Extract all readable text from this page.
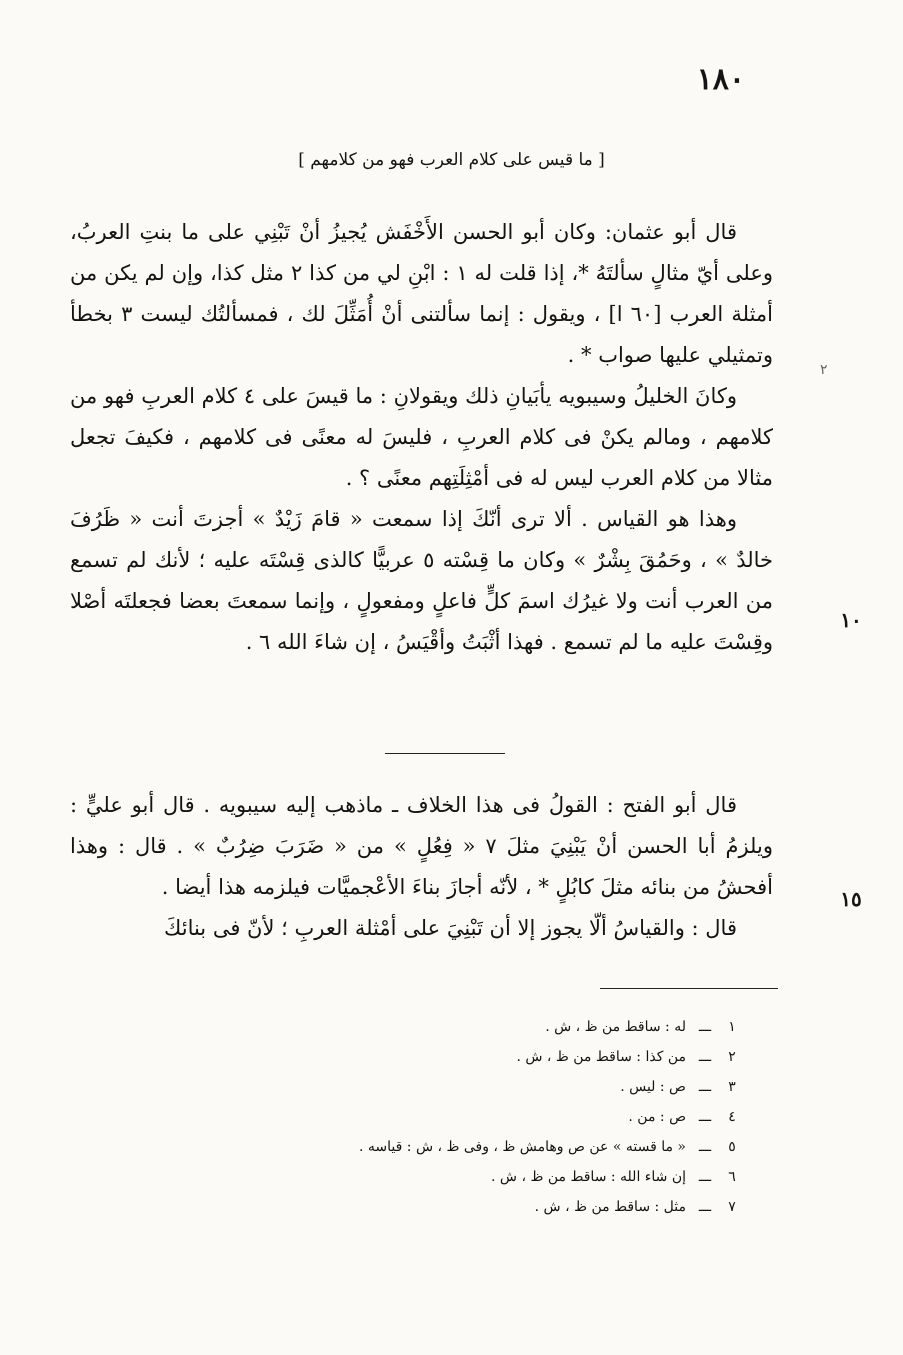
١٨٠
[ ما قيس على كلام العرب فهو من كلامهم ]

قال أبو عثمان: وكان أبو الحسن الأَخْفَش يُجيزُ أنْ تَبْنِي على ما بنتِ العربُ، وعلى أيّ مثالٍ سألتَهُ *، إذا قلت له ١ : ابْنِ لي من كذا ٢ مثل كذا، وإن لم يكن من أمثلة العرب [٦٠ ا] ، ويقول : إنما سألتنى أنْ أُمَثِّلَ لك ، فمسألتُك ليست ٣ بخطأ وتمثيلي عليها صواب * .

وكانَ الخليلُ وسيبويه يأبَيانِ ذلك ويقولانِ : ما قيسَ على ٤ كلام العربِ فهو من كلامهم ، ومالم يكنْ فى كلام العربِ ، فليسَ له معنًى فى كلامهم ، فكيفَ تجعل مثالا من كلام العرب ليس له فى أمْثِلَتِهم معنًى ؟ .

وهذا هو القياس . ألا ترى أنّكَ إذا سمعت « قامَ زَيْدٌ » أجزتَ أنت « ظَرُفَ خالدٌ » ، وحَمُقَ بِشْرٌ » وكان ما قِسْته ٥ عربيًّا كالذى قِسْتَه عليه ؛ لأنك لم تسمع من العرب أنت ولا غيرُك اسمَ كلٍّ فاعلٍ ومفعولٍ ، وإنما سمعتَ بعضا فجعلتَه أصْلا وقِسْتَ عليه ما لم تسمع . فهذا أثْبَتُ وأقْيَسُ ، إن شاءَ الله ٦ .

٢
١٠

قال أبو الفتح : القولُ فى هذا الخلاف ـ ماذهب إليه سيبويه . قال أبو عليٍّ : ويلزمُ أبا الحسن أنْ يَبْنِيَ مثلَ ٧ « فِعُلٍ » من « ضَرَبَ ضِرُبٌ » . قال : وهذا أفحشُ من بنائه مثلَ كابُلٍ * ، لأنّه أجازَ بناءَ الأعْجميَّات فيلزمه هذا أيضا .

قال : والقياسُ ألّا يجوز إلا أن تَبْنِيَ على أمْثلة العربِ ؛ لأنّ فى بنائكَ

١٥
١
ـــ
له : ساقط من ظ ، ش .
٢
ـــ
من كذا : ساقط من ظ ، ش .
٣
ـــ
ص : ليس .
٤
ـــ
ص : من .
٥
ـــ
« ما قسته » عن ص وهامش ظ ، وفى ظ ، ش : قياسه .
٦
ـــ
إن شاء الله : ساقط من ظ ، ش .
٧
ـــ
مثل : ساقط من ظ ، ش .
